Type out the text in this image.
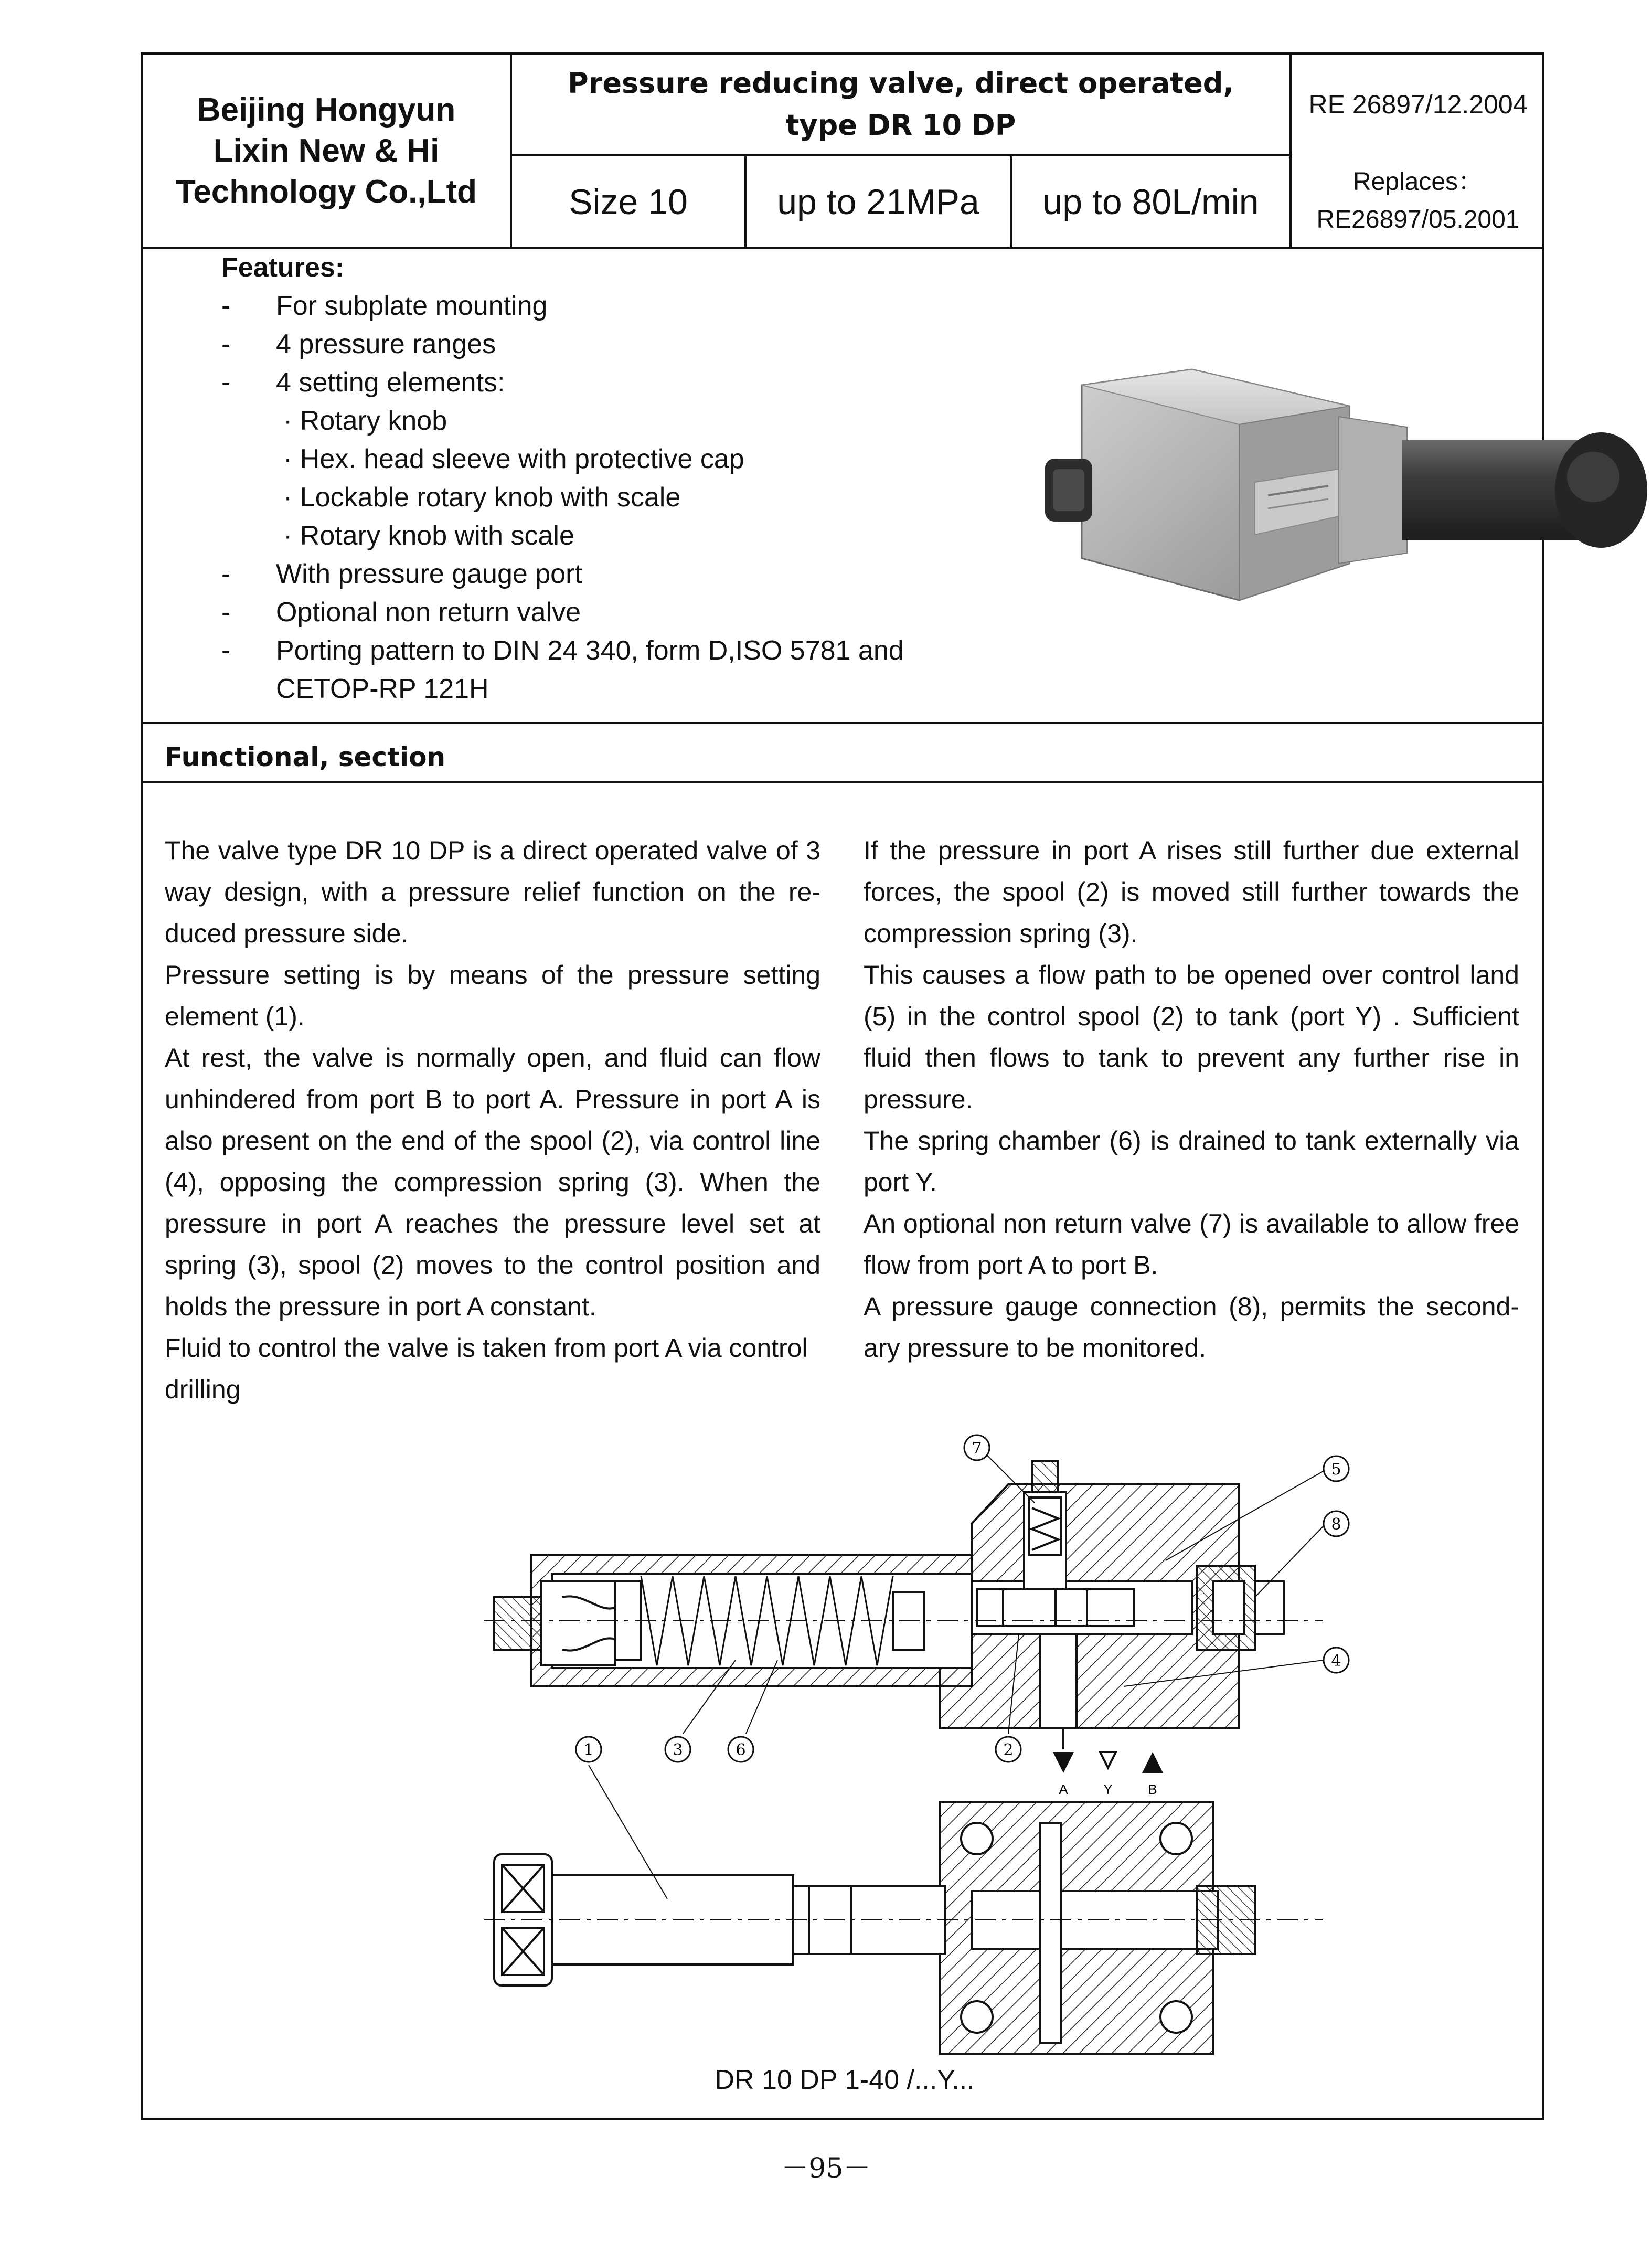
Beijing Hongyun
Lixin New & Hi
Technology Co.,Ltd
Pressure reducing valve, direct operated,
type DR 10 DP
RE 26897/12.2004
Size 10	up to 21MPa	up to 80L/min
Replaces：
RE26897/05.2001
Features:
-	For subplate mounting
-	4 pressure ranges
-	4 setting elements:
· Rotary knob
· Hex. head sleeve with protective cap
· Lockable rotary knob with scale
· Rotary knob with scale
-	With pressure gauge port
-	Optional non return valve
-	Porting pattern to DIN 24 340, form D,ISO 5781 and
CETOP-RP 121H
Functional, section

The valve type DR 10 DP is a direct operated valve of 3 way design, with a pressure relief function on the re-duced pressure side.

Pressure setting is by means of the pressure setting element (1).

At rest, the valve is normally open, and fluid can flow unhindered from port B to port A. Pressure in port A is also present on the end of the spool (2), via control line (4), opposing the compression spring (3). When the pressure in port A reaches the pressure level set at spring (3), spool (2) moves to the control position and holds the pressure in port A constant.

Fluid to control the valve is taken from port A via control drilling

If the pressure in port A rises still further due external forces, the spool (2) is moved still further towards the compression spring (3).

This causes a flow path to be opened over control land (5) in the control spool (2) to tank (port Y) . Sufficient fluid then flows to tank to prevent any further rise in pressure.

The spring chamber (6) is drained to tank externally via port Y.

An optional non return valve (7) is available to allow free flow from port A to port B.

A pressure gauge connection (8), permits the second-ary pressure to be monitored.

7
5
8
4
1	3	6	2
A	Y	B
DR 10 DP 1-40 /...Y...
－95－
